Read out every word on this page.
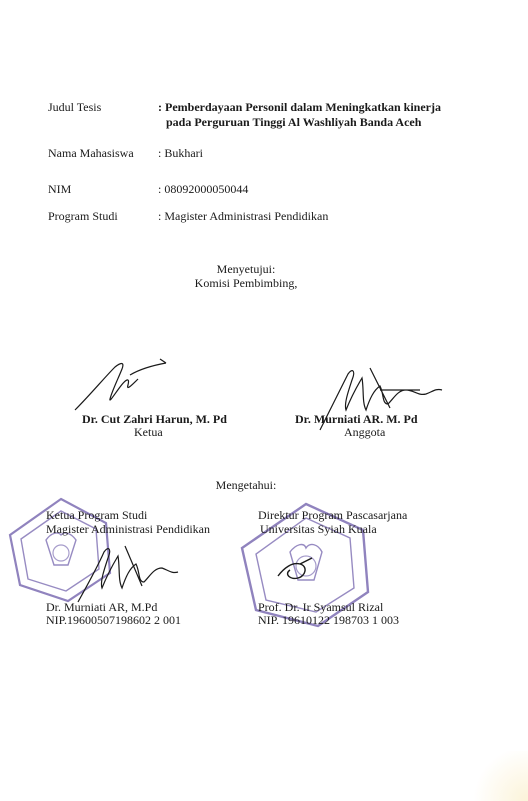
Judul Tesis	: Pemberdayaan Personil dalam Meningkatkan kinerja
pada Perguruan Tinggi Al Washliyah Banda Aceh
Nama Mahasiswa : Bukhari
NIM	: 08092000050044
Program Studi	: Magister Administrasi Pendidikan
Menyetujui:
Komisi Pembimbing,
Dr. Cut Zahri Harun, M. Pd
Ketua
Dr. Murniati AR. M. Pd
Anggota
Mengetahui:
Ketua Program Studi
Magister Administrasi Pendidikan
Direktur Program Pascasarjana
Universitas Syiah Kuala
Dr. Murniati AR, M.Pd
NIP.19600507198602 2 001
Prof. Dr. Ir Syamsul Rizal
NIP. 19610122 198703 1 003
